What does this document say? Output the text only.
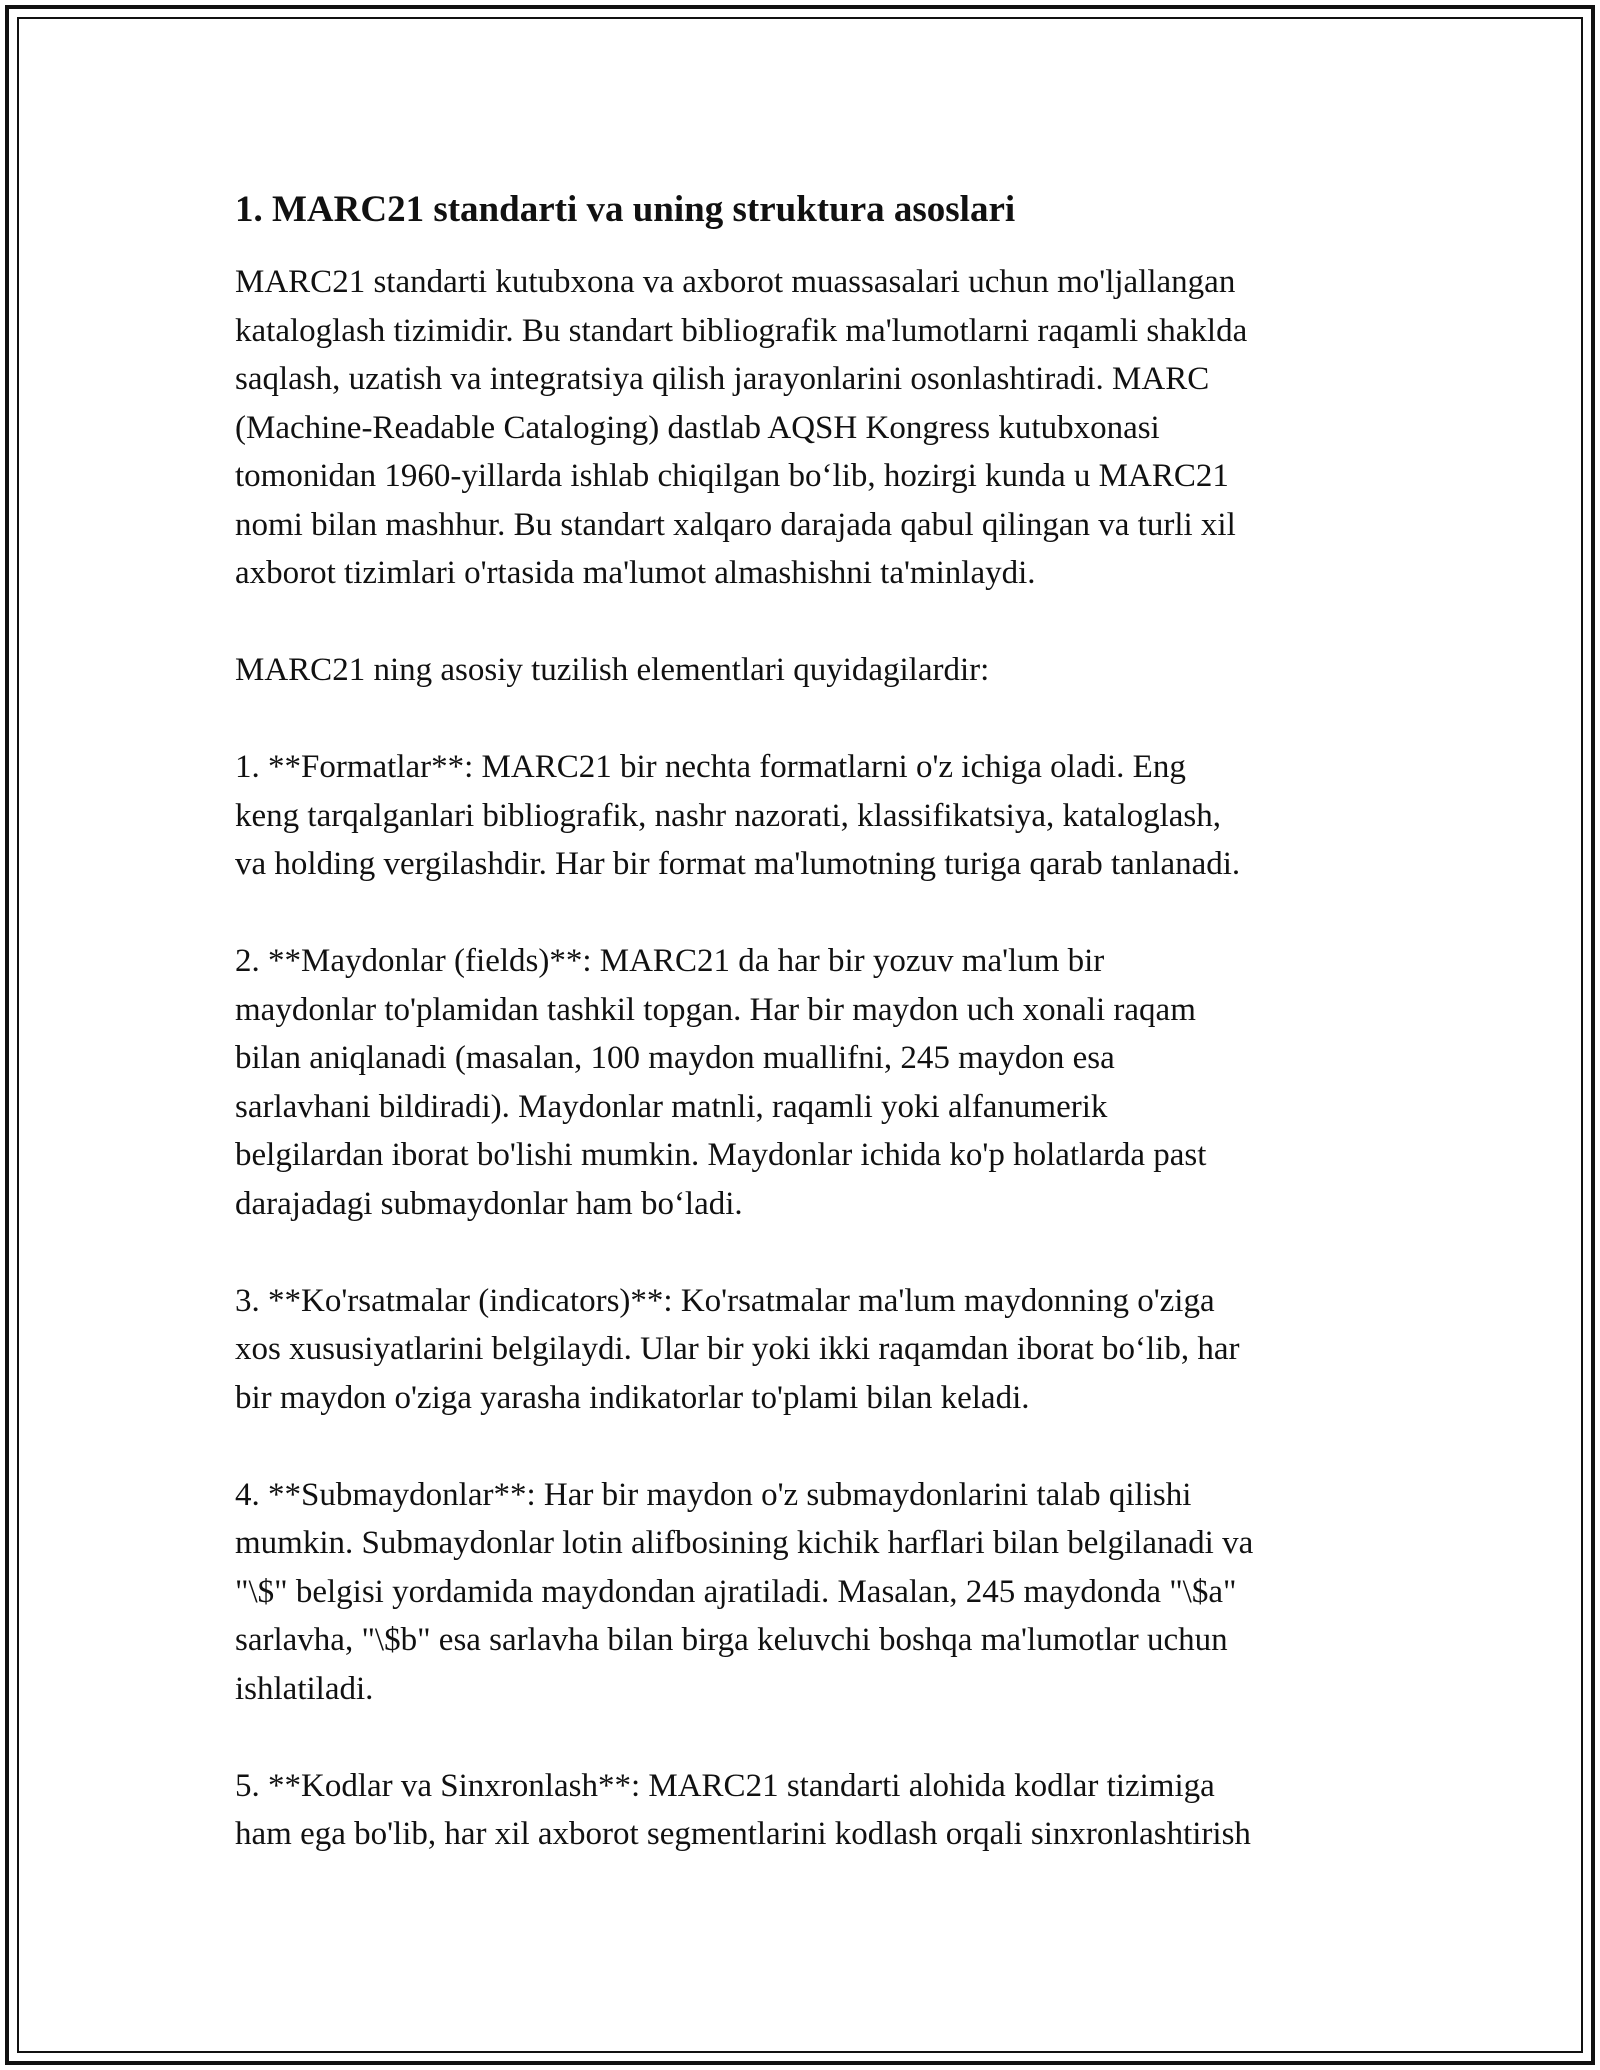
1. MARC21 standarti va uning struktura asoslari

MARC21 standarti kutubxona va axborot muassasalari uchun mo'ljallangan
kataloglash tizimidir. Bu standart bibliografik ma'lumotlarni raqamli shaklda
saqlash, uzatish va integratsiya qilish jarayonlarini osonlashtiradi. MARC
(Machine-Readable Cataloging) dastlab AQSH Kongress kutubxonasi
tomonidan 1960-yillarda ishlab chiqilgan bo‘lib, hozirgi kunda u MARC21
nomi bilan mashhur. Bu standart xalqaro darajada qabul qilingan va turli xil
axborot tizimlari o'rtasida ma'lumot almashishni ta'minlaydi.

MARC21 ning asosiy tuzilish elementlari quyidagilardir:

1. **Formatlar**: MARC21 bir nechta formatlarni o'z ichiga oladi. Eng
keng tarqalganlari bibliografik, nashr nazorati, klassifikatsiya, kataloglash,
va holding vergilashdir. Har bir format ma'lumotning turiga qarab tanlanadi.

2. **Maydonlar (fields)**: MARC21 da har bir yozuv ma'lum bir
maydonlar to'plamidan tashkil topgan. Har bir maydon uch xonali raqam
bilan aniqlanadi (masalan, 100 maydon muallifni, 245 maydon esa
sarlavhani bildiradi). Maydonlar matnli, raqamli yoki alfanumerik
belgilardan iborat bo'lishi mumkin. Maydonlar ichida ko'p holatlarda past
darajadagi submaydonlar ham bo‘ladi.

3. **Ko'rsatmalar (indicators)**: Ko'rsatmalar ma'lum maydonning o'ziga
xos xususiyatlarini belgilaydi. Ular bir yoki ikki raqamdan iborat bo‘lib, har
bir maydon o'ziga yarasha indikatorlar to'plami bilan keladi.

4. **Submaydonlar**: Har bir maydon o'z submaydonlarini talab qilishi
mumkin. Submaydonlar lotin alifbosining kichik harflari bilan belgilanadi va
"\$" belgisi yordamida maydondan ajratiladi. Masalan, 245 maydonda "\$a"
sarlavha, "\$b" esa sarlavha bilan birga keluvchi boshqa ma'lumotlar uchun
ishlatiladi.

5. **Kodlar va Sinxronlash**: MARC21 standarti alohida kodlar tizimiga
ham ega bo'lib, har xil axborot segmentlarini kodlash orqali sinxronlashtirish
